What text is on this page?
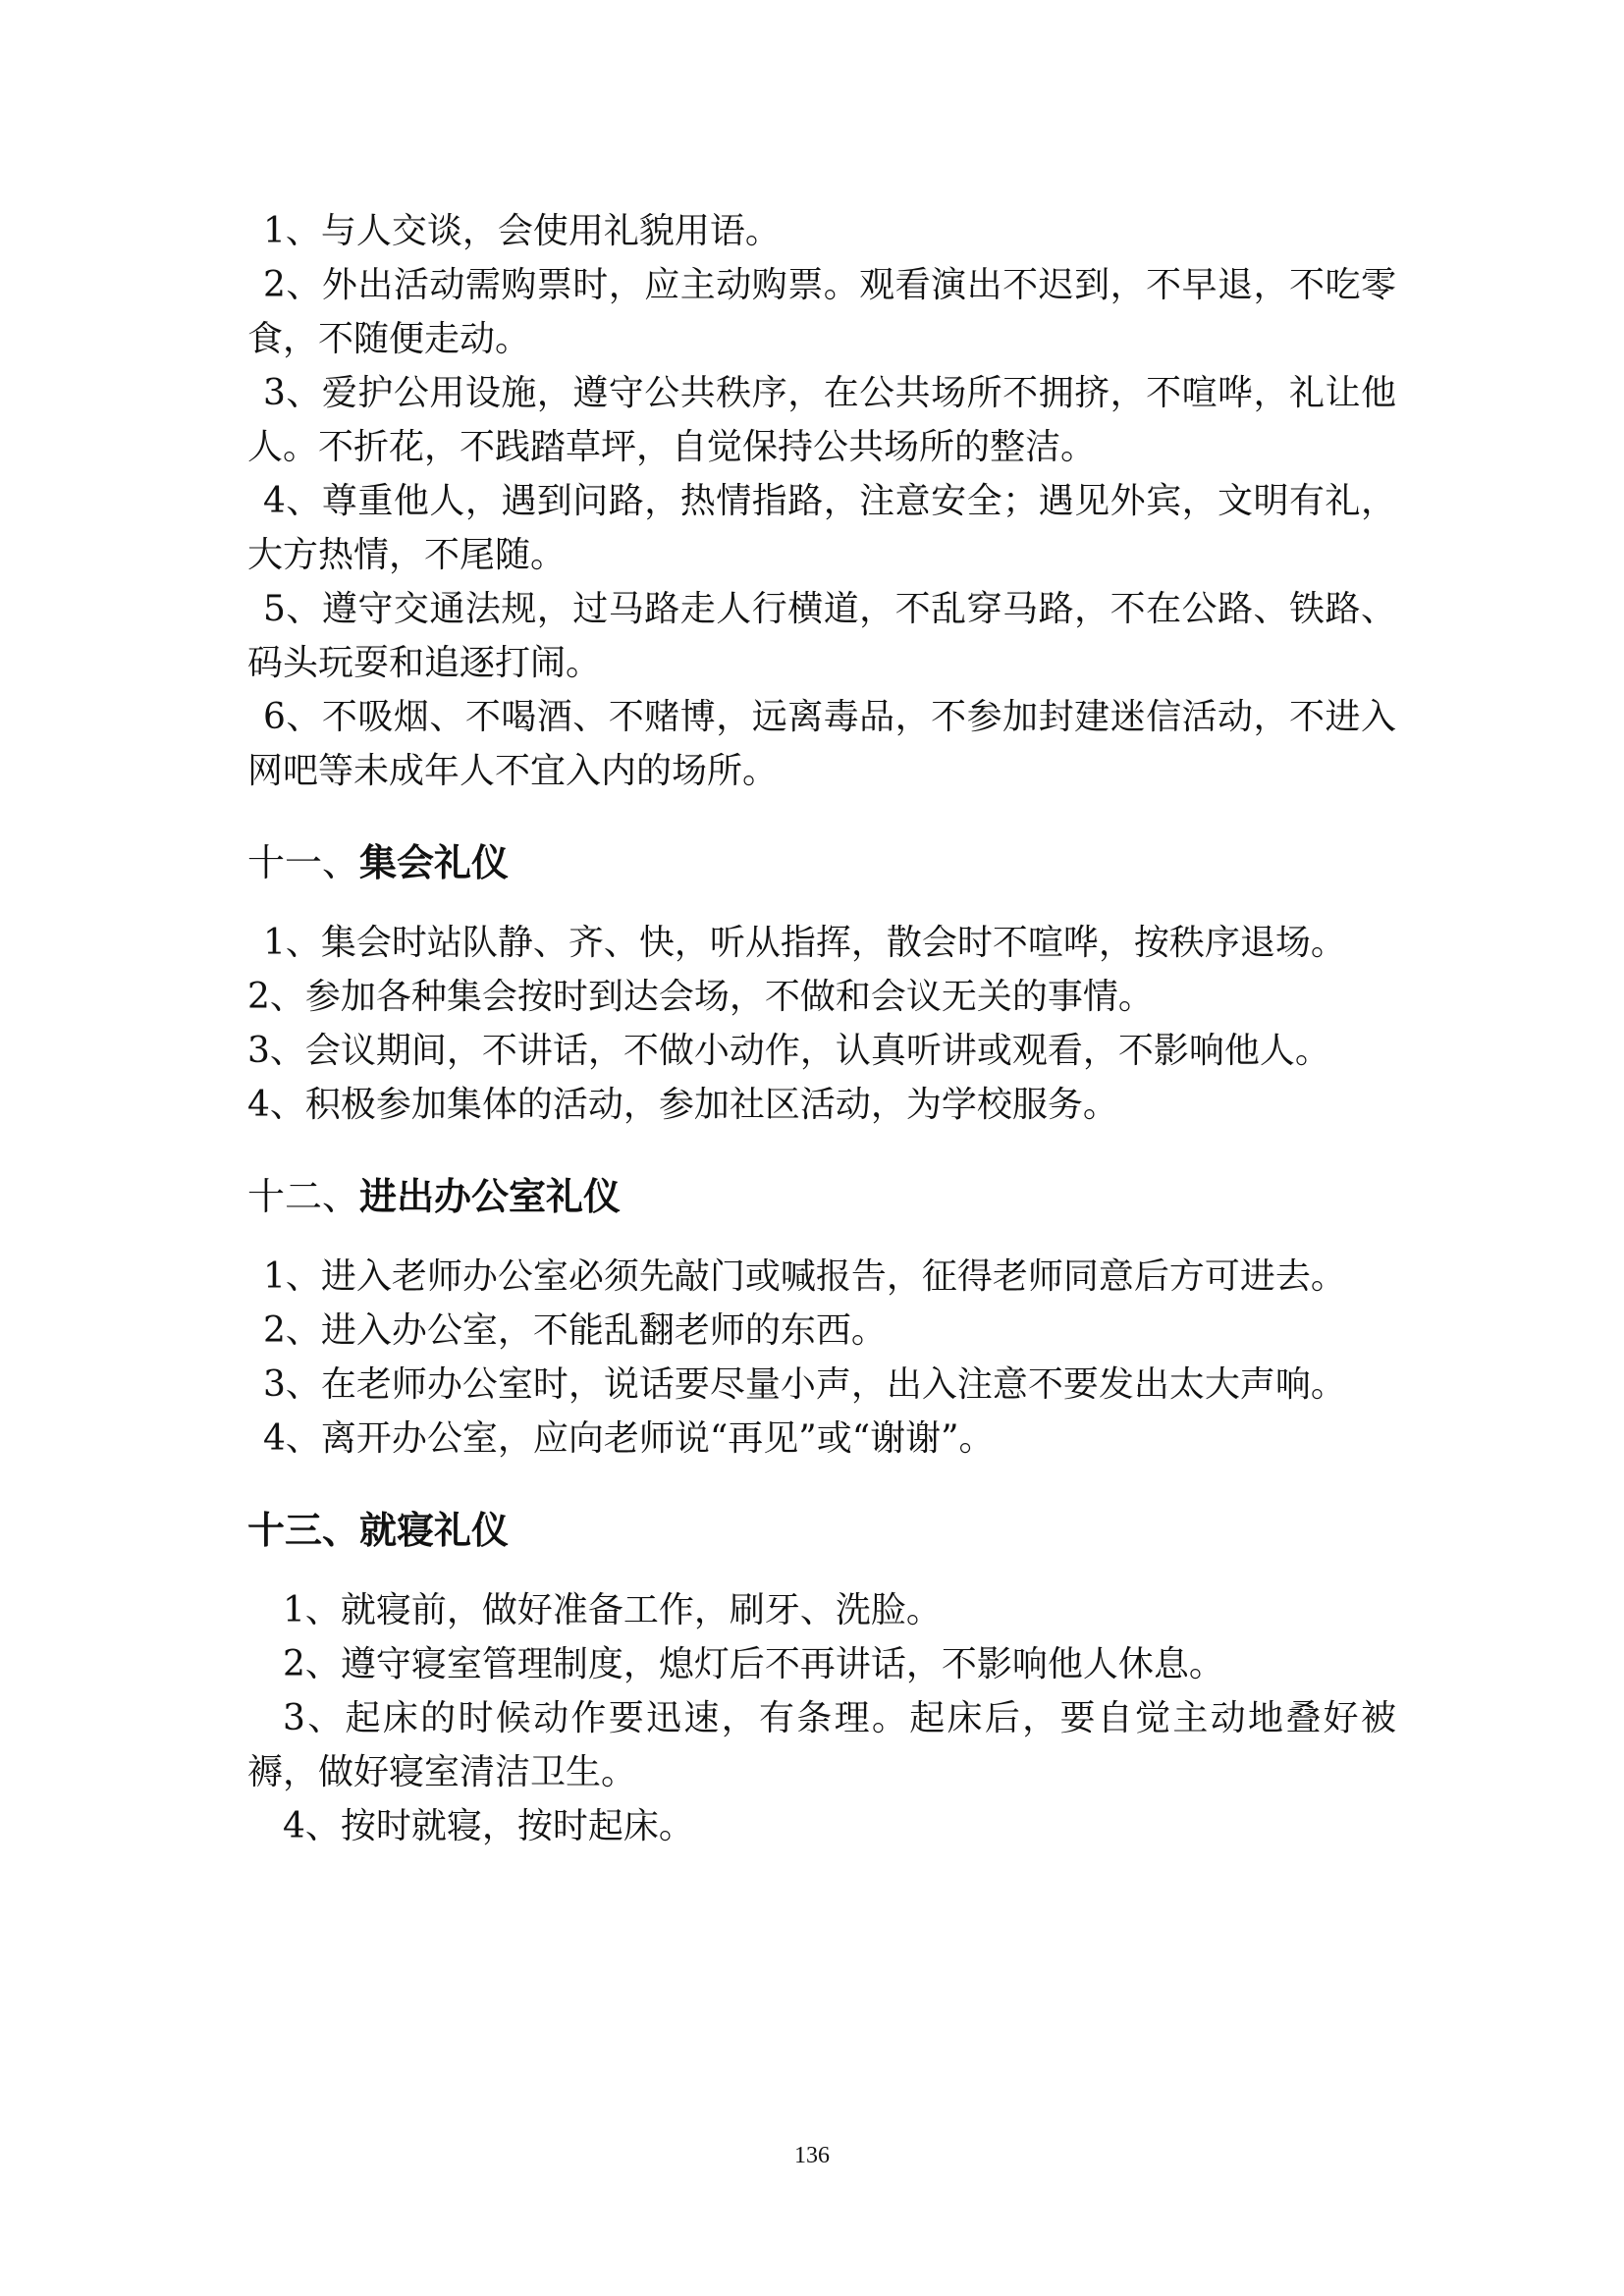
1、与人交谈，会使用礼貌用语。

2、外出活动需购票时，应主动购票。观看演出不迟到，不早退，不吃零食，不随便走动。

3、爱护公用设施，遵守公共秩序，在公共场所不拥挤，不喧哗，礼让他人。不折花，不践踏草坪，自觉保持公共场所的整洁。

4、尊重他人，遇到问路，热情指路，注意安全；遇见外宾，文明有礼，大方热情，不尾随。

5、遵守交通法规，过马路走人行横道，不乱穿马路，不在公路、铁路、码头玩耍和追逐打闹。

6、不吸烟、不喝酒、不赌博，远离毒品，不参加封建迷信活动，不进入网吧等未成年人不宜入内的场所。

十一、集会礼仪

1、集会时站队静、齐、快，听从指挥，散会时不喧哗，按秩序退场。

2、参加各种集会按时到达会场，不做和会议无关的事情。

3、会议期间，不讲话，不做小动作，认真听讲或观看，不影响他人。

4、积极参加集体的活动，参加社区活动，为学校服务。

十二、进出办公室礼仪

1、进入老师办公室必须先敲门或喊报告，征得老师同意后方可进去。

2、进入办公室，不能乱翻老师的东西。

3、在老师办公室时，说话要尽量小声，出入注意不要发出太大声响。

4、离开办公室，应向老师说“再见”或“谢谢”。

十三、就寝礼仪

1、就寝前，做好准备工作，刷牙、洗脸。

2、遵守寝室管理制度，熄灯后不再讲话，不影响他人休息。

3、起床的时候动作要迅速，有条理。起床后，要自觉主动地叠好被褥，做好寝室清洁卫生。

4、按时就寝，按时起床。

136
